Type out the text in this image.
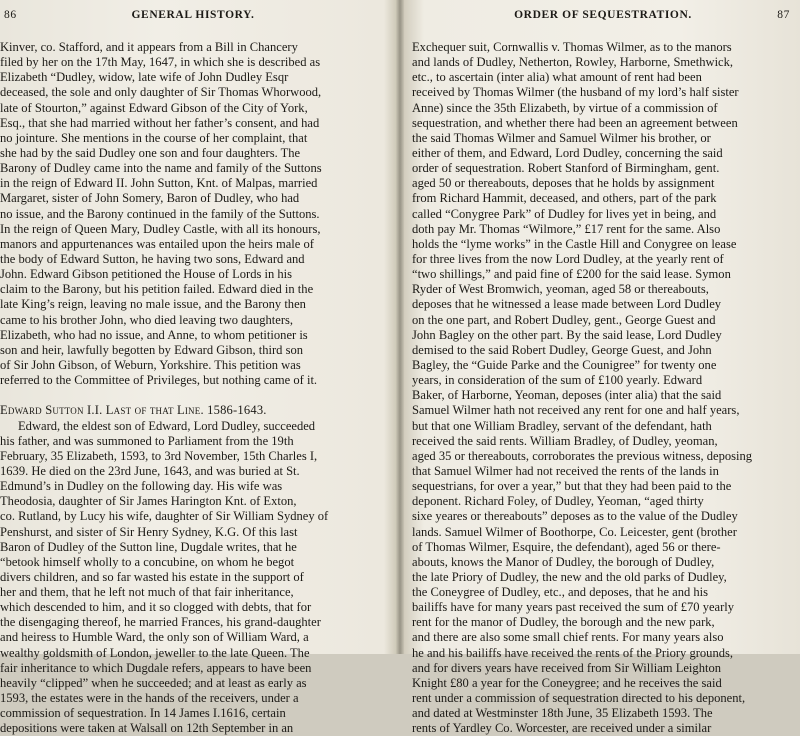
86	GENERAL HISTORY.
Kinver, co. Stafford, and it appears from a Bill in Chancery
filed by her on the 17th May, 1647, in which she is described as
Elizabeth “Dudley, widow, late wife of John Dudley Esqr
deceased, the sole and only daughter of Sir Thomas Whorwood,
late of Stourton,” against Edward Gibson of the City of York,
Esq., that she had married without her father’s consent, and had
no jointure. She mentions in the course of her complaint, that
she had by the said Dudley one son and four daughters. The
Barony of Dudley came into the name and family of the Suttons
in the reign of Edward II. John Sutton, Knt. of Malpas, married
Margaret, sister of John Somery, Baron of Dudley, who had
no issue, and the Barony continued in the family of the Suttons.
In the reign of Queen Mary, Dudley Castle, with all its honours,
manors and appurtenances was entailed upon the heirs male of
the body of Edward Sutton, he having two sons, Edward and
John. Edward Gibson petitioned the House of Lords in his
claim to the Barony, but his petition failed. Edward died in the
late King’s reign, leaving no male issue, and the Barony then
came to his brother John, who died leaving two daughters,
Elizabeth, who had no issue, and Anne, to whom petitioner is
son and heir, lawfully begotten by Edward Gibson, third son
of Sir John Gibson, of Weburn, Yorkshire. This petition was
referred to the Committee of Privileges, but nothing came of it.
Edward Sutton I.I. Last of that Line. 1586-1643.
Edward, the eldest son of Edward, Lord Dudley, succeeded
his father, and was summoned to Parliament from the 19th
February, 35 Elizabeth, 1593, to 3rd November, 15th Charles I,
1639. He died on the 23rd June, 1643, and was buried at St.
Edmund’s in Dudley on the following day. His wife was
Theodosia, daughter of Sir James Harington Knt. of Exton,
co. Rutland, by Lucy his wife, daughter of Sir William Sydney of
Penshurst, and sister of Sir Henry Sydney, K.G. Of this last
Baron of Dudley of the Sutton line, Dugdale writes, that he
“betook himself wholly to a concubine, on whom he begot
divers children, and so far wasted his estate in the support of
her and them, that he left not much of that fair inheritance,
which descended to him, and it so clogged with debts, that for
the disengaging thereof, he married Frances, his grand-daughter
and heiress to Humble Ward, the only son of William Ward, a
wealthy goldsmith of London, jeweller to the late Queen. The
fair inheritance to which Dugdale refers, appears to have been
heavily “clipped” when he succeeded; and at least as early as
1593, the estates were in the hands of the receivers, under a
commission of sequestration. In 14 James I.1616, certain
depositions were taken at Walsall on 12th September in an
ORDER OF SEQUESTRATION.	87
Exchequer suit, Cornwallis v. Thomas Wilmer, as to the manors
and lands of Dudley, Netherton, Rowley, Harborne, Smethwick,
etc., to ascertain (inter alia) what amount of rent had been
received by Thomas Wilmer (the husband of my lord’s half sister
Anne) since the 35th Elizabeth, by virtue of a commission of
sequestration, and whether there had been an agreement between
the said Thomas Wilmer and Samuel Wilmer his brother, or
either of them, and Edward, Lord Dudley, concerning the said
order of sequestration. Robert Stanford of Birmingham, gent.
aged 50 or thereabouts, deposes that he holds by assignment
from Richard Hammit, deceased, and others, part of the park
called “Conygree Park” of Dudley for lives yet in being, and
doth pay Mr. Thomas “Wilmore,” £17 rent for the same. Also
holds the “lyme works” in the Castle Hill and Conygree on lease
for three lives from the now Lord Dudley, at the yearly rent of
“two shillings,” and paid fine of £200 for the said lease. Symon
Ryder of West Bromwich, yeoman, aged 58 or thereabouts,
deposes that he witnessed a lease made between Lord Dudley
on the one part, and Robert Dudley, gent., George Guest and
John Bagley on the other part. By the said lease, Lord Dudley
demised to the said Robert Dudley, George Guest, and John
Bagley, the “Guide Parke and the Counigree” for twenty one
years, in consideration of the sum of £100 yearly. Edward
Baker, of Harborne, Yeoman, deposes (inter alia) that the said
Samuel Wilmer hath not received any rent for one and half years,
but that one William Bradley, servant of the defendant, hath
received the said rents. William Bradley, of Dudley, yeoman,
aged 35 or thereabouts, corroborates the previous witness, deposing
that Samuel Wilmer had not received the rents of the lands in
sequestrians, for over a year,” but that they had been paid to the
deponent. Richard Foley, of Dudley, Yeoman, “aged thirty
sixe yeares or thereabouts” deposes as to the value of the Dudley
lands. Samuel Wilmer of Boothorpe, Co. Leicester, gent (brother
of Thomas Wilmer, Esquire, the defendant), aged 56 or there-
abouts, knows the Manor of Dudley, the borough of Dudley,
the late Priory of Dudley, the new and the old parks of Dudley,
the Coneygree of Dudley, etc., and deposes, that he and his
bailiffs have for many years past received the sum of £70 yearly
rent for the manor of Dudley, the borough and the new park,
and there are also some small chief rents. For many years also
he and his bailiffs have received the rents of the Priory grounds,
and for divers years have received from Sir William Leighton
Knight £80 a year for the Coneygree; and he receives the said
rent under a commission of sequestration directed to his deponent,
and dated at Westminster 18th June, 35 Elizabeth 1593. The
rents of Yardley Co. Worcester, are received under a similar
